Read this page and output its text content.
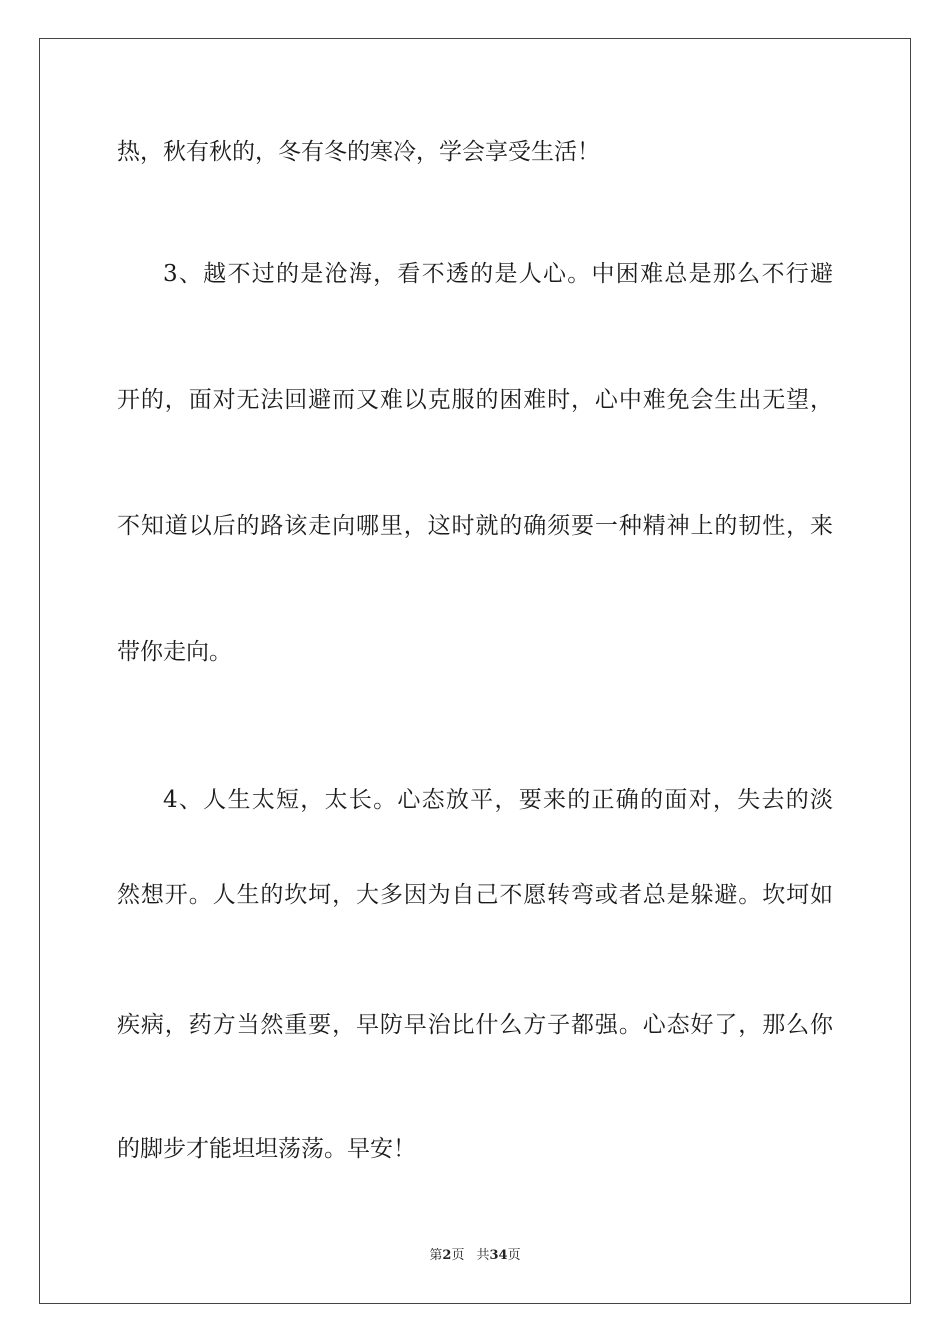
热，秋有秋的，冬有冬的寒冷，学会享受生活！
3、越不过的是沧海，看不透的是人心。中困难总是那么不行避
开的，面对无法回避而又难以克服的困难时，心中难免会生出无望，
不知道以后的路该走向哪里，这时就的确须要一种精神上的韧性，来
带你走向。
4、人生太短，太长。心态放平，要来的正确的面对，失去的淡
然想开。人生的坎坷，大多因为自己不愿转弯或者总是躲避。坎坷如
疾病，药方当然重要，早防早治比什么方子都强。心态好了，那么你
的脚步才能坦坦荡荡。早安！
第2页 共34页
